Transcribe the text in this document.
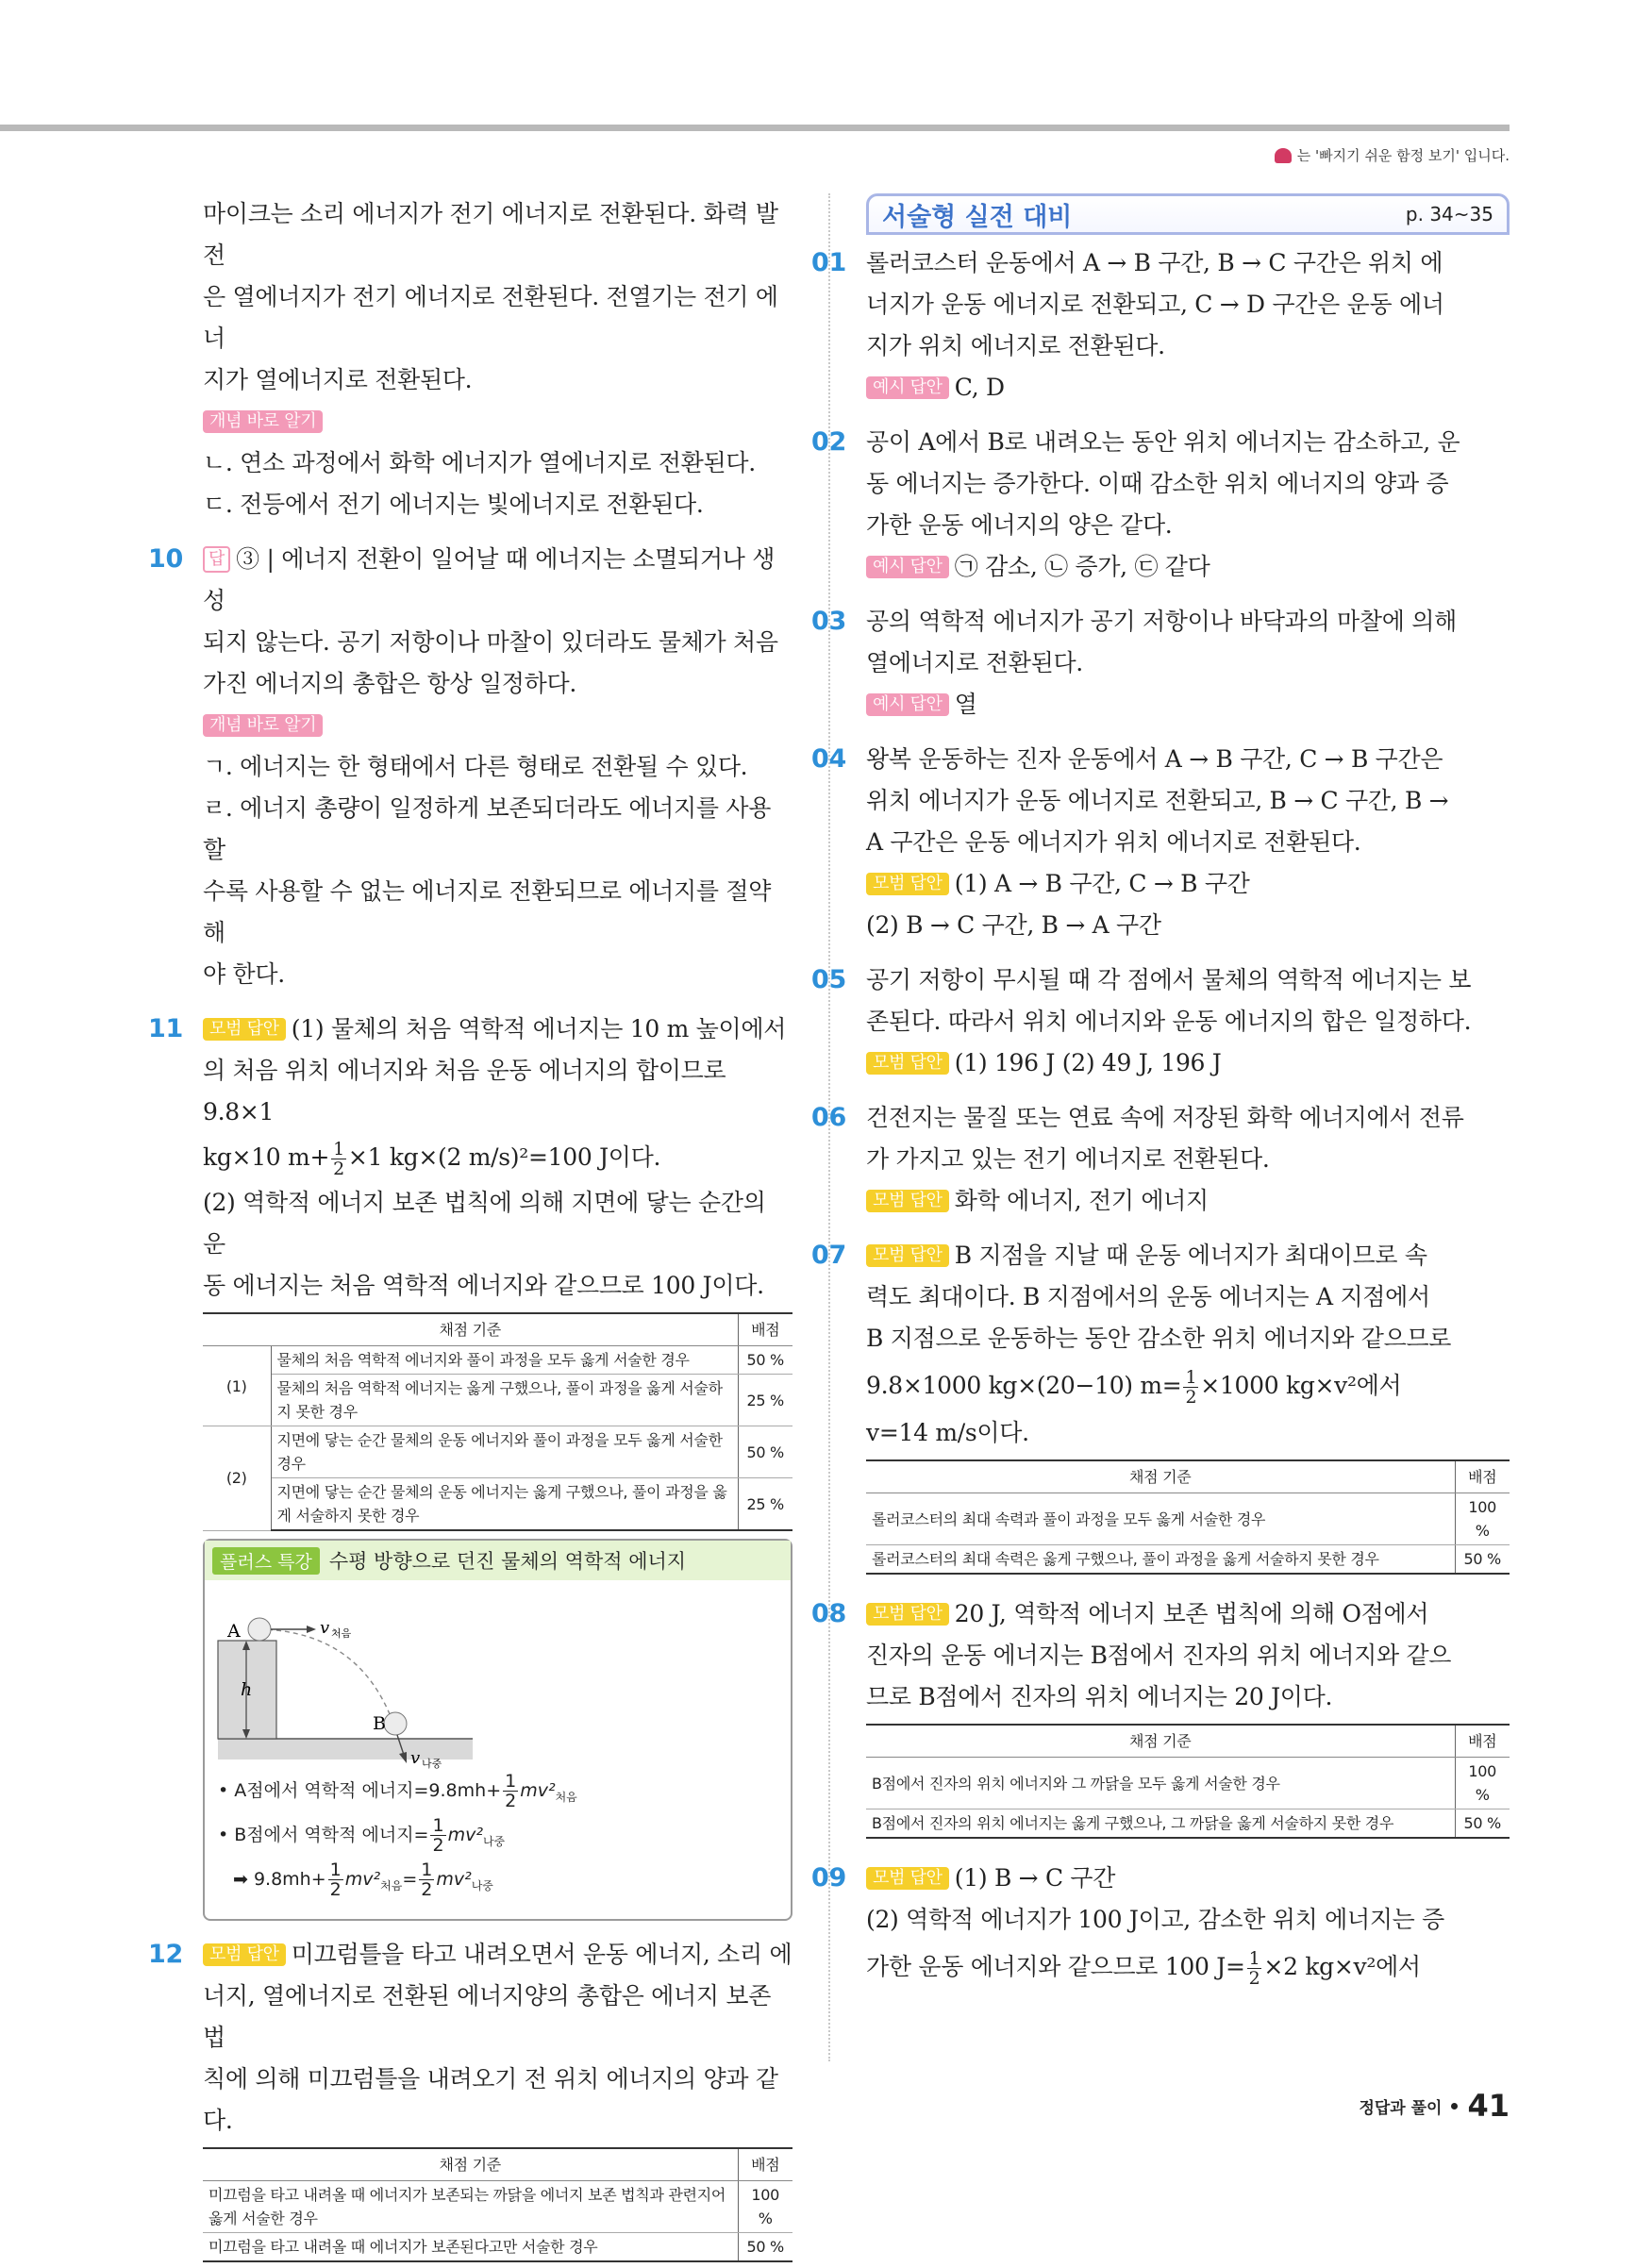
는 '빠지기 쉬운 함정 보기' 입니다.

마이크는 소리 에너지가 전기 에너지로 전환된다. 화력 발전

은 열에너지가 전기 에너지로 전환된다. 전열기는 전기 에너

지가 열에너지로 전환된다.

개념 바로 알기

ㄴ. 연소 과정에서 화학 에너지가 열에너지로 전환된다.

ㄷ. 전등에서 전기 에너지는 빛에너지로 전환된다.

10	답 ③ | 에너지 전환이 일어날 때 에너지는 소멸되거나 생성

되지 않는다. 공기 저항이나 마찰이 있더라도 물체가 처음

가진 에너지의 총합은 항상 일정하다.

개념 바로 알기

ㄱ. 에너지는 한 형태에서 다른 형태로 전환될 수 있다.

ㄹ. 에너지 총량이 일정하게 보존되더라도 에너지를 사용할

수록 사용할 수 없는 에너지로 전환되므로 에너지를 절약해

야 한다.

11	모범 답안 (1) 물체의 처음 역학적 에너지는 10 m 높이에서

의 처음 위치 에너지와 처음 운동 에너지의 합이므로 9.8×1

kg×10 $m+ \frac{1}{2} \times 1$ kg×(2 m/s)²=100 J이다.

(2) 역학적 에너지 보존 법칙에 의해 지면에 닿는 순간의 운

동 에너지는 처음 역학적 에너지와 같으므로 100 J이다.

채점 기준		배점
(1)	물체의 처음 역학적 에너지와 풀이 과정을 모두 옳게 서술한 경우	50 %
	물체의 처음 역학적 에너지는 옳게 구했으나, 풀이 과정을 옳게 서술하지 못한 경우	25 %
(2)	지면에 닿는 순간 물체의 운동 에너지와 풀이 과정을 모두 옳게 서술한 경우	50 %
	지면에 닿는 순간 물체의 운동 에너지는 옳게 구했으나, 풀이 과정을 옳게 서술하지 못한 경우	25 %
플러스 특강 수평 방향으로 던진 물체의 역학적 에너지
h
v 처음
A
B
v 나중
• A점에서 역학적 에너지$=9.8mh+ \frac{1}{2} mv^2_{처음}$
• B점에서 역학적 에너지= $\frac{1}{2} mv^2_{나중}$
➡ $9.8mh+ \frac{1}{2} mv^2_{처음}= \frac{1}{2} mv^2_{나중}$
12	모범 답안 미끄럼틀을 타고 내려오면서 운동 에너지, 소리 에

너지, 열에너지로 전환된 에너지양의 총합은 에너지 보존 법

칙에 의해 미끄럼틀을 내려오기 전 위치 에너지의 양과 같다.

채점 기준	배점
미끄럼을 타고 내려올 때 에너지가 보존되는 까닭을 에너지 보존 법칙과 관련지어 옳게 서술한 경우	100 %
미끄럼을 타고 내려올 때 에너지가 보존된다고만 서술한 경우	50 %
서술형 실전 대비	p. 34~35
01 롤러코스터 운동에서 A → B 구간, B → C 구간은 위치 에

너지가 운동 에너지로 전환되고, C → D 구간은 운동 에너

지가 위치 에너지로 전환된다.

예시 답안 C, D

02 공이 A에서 B로 내려오는 동안 위치 에너지는 감소하고, 운

동 에너지는 증가한다. 이때 감소한 위치 에너지의 양과 증

가한 운동 에너지의 양은 같다.

예시 답안 ㉠ 감소, ㉡ 증가, ㉢ 같다

03 공의 역학적 에너지가 공기 저항이나 바닥과의 마찰에 의해

열에너지로 전환된다.

예시 답안 열

04 왕복 운동하는 진자 운동에서 A → B 구간, C → B 구간은

위치 에너지가 운동 에너지로 전환되고, B → C 구간, B →

A 구간은 운동 에너지가 위치 에너지로 전환된다.

모범 답안 (1) A → B 구간, C → B 구간

(2) B → C 구간, B → A 구간

05 공기 저항이 무시될 때 각 점에서 물체의 역학적 에너지는 보

존된다. 따라서 위치 에너지와 운동 에너지의 합은 일정하다.

모범 답안 (1) 196 J (2) 49 J, 196 J

06 건전지는 물질 또는 연료 속에 저장된 화학 에너지에서 전류

가 가지고 있는 전기 에너지로 전환된다.

모범 답안 화학 에너지, 전기 에너지

07	모범 답안 B 지점을 지날 때 운동 에너지가 최대이므로 속

력도 최대이다. B 지점에서의 운동 에너지는 A 지점에서

B 지점으로 운동하는 동안 감소한 위치 에너지와 같으므로

9.8×1000 kg×(20−10) $m= \frac{1}{2} \times 1000$ kg×v²에서

v=14 m/s이다.

채점 기준	배점
롤러코스터의 최대 속력과 풀이 과정을 모두 옳게 서술한 경우	100 %
롤러코스터의 최대 속력은 옳게 구했으나, 풀이 과정을 옳게 서술하지 못한 경우	50 %
08	모범 답안 20 J, 역학적 에너지 보존 법칙에 의해 O점에서

진자의 운동 에너지는 B점에서 진자의 위치 에너지와 같으

므로 B점에서 진자의 위치 에너지는 20 J이다.

채점 기준	배점
B점에서 진자의 위치 에너지와 그 까닭을 모두 옳게 서술한 경우	100 %
B점에서 진자의 위치 에너지는 옳게 구했으나, 그 까닭을 옳게 서술하지 못한 경우	50 %
09	모범 답안 (1) B → C 구간

(2) 역학적 에너지가 100 J이고, 감소한 위치 에너지는 증

가한 운동 에너지와 같으므로 100 $J= \frac{1}{2} \times 2$ kg×v²에서

정답과 풀이 41
